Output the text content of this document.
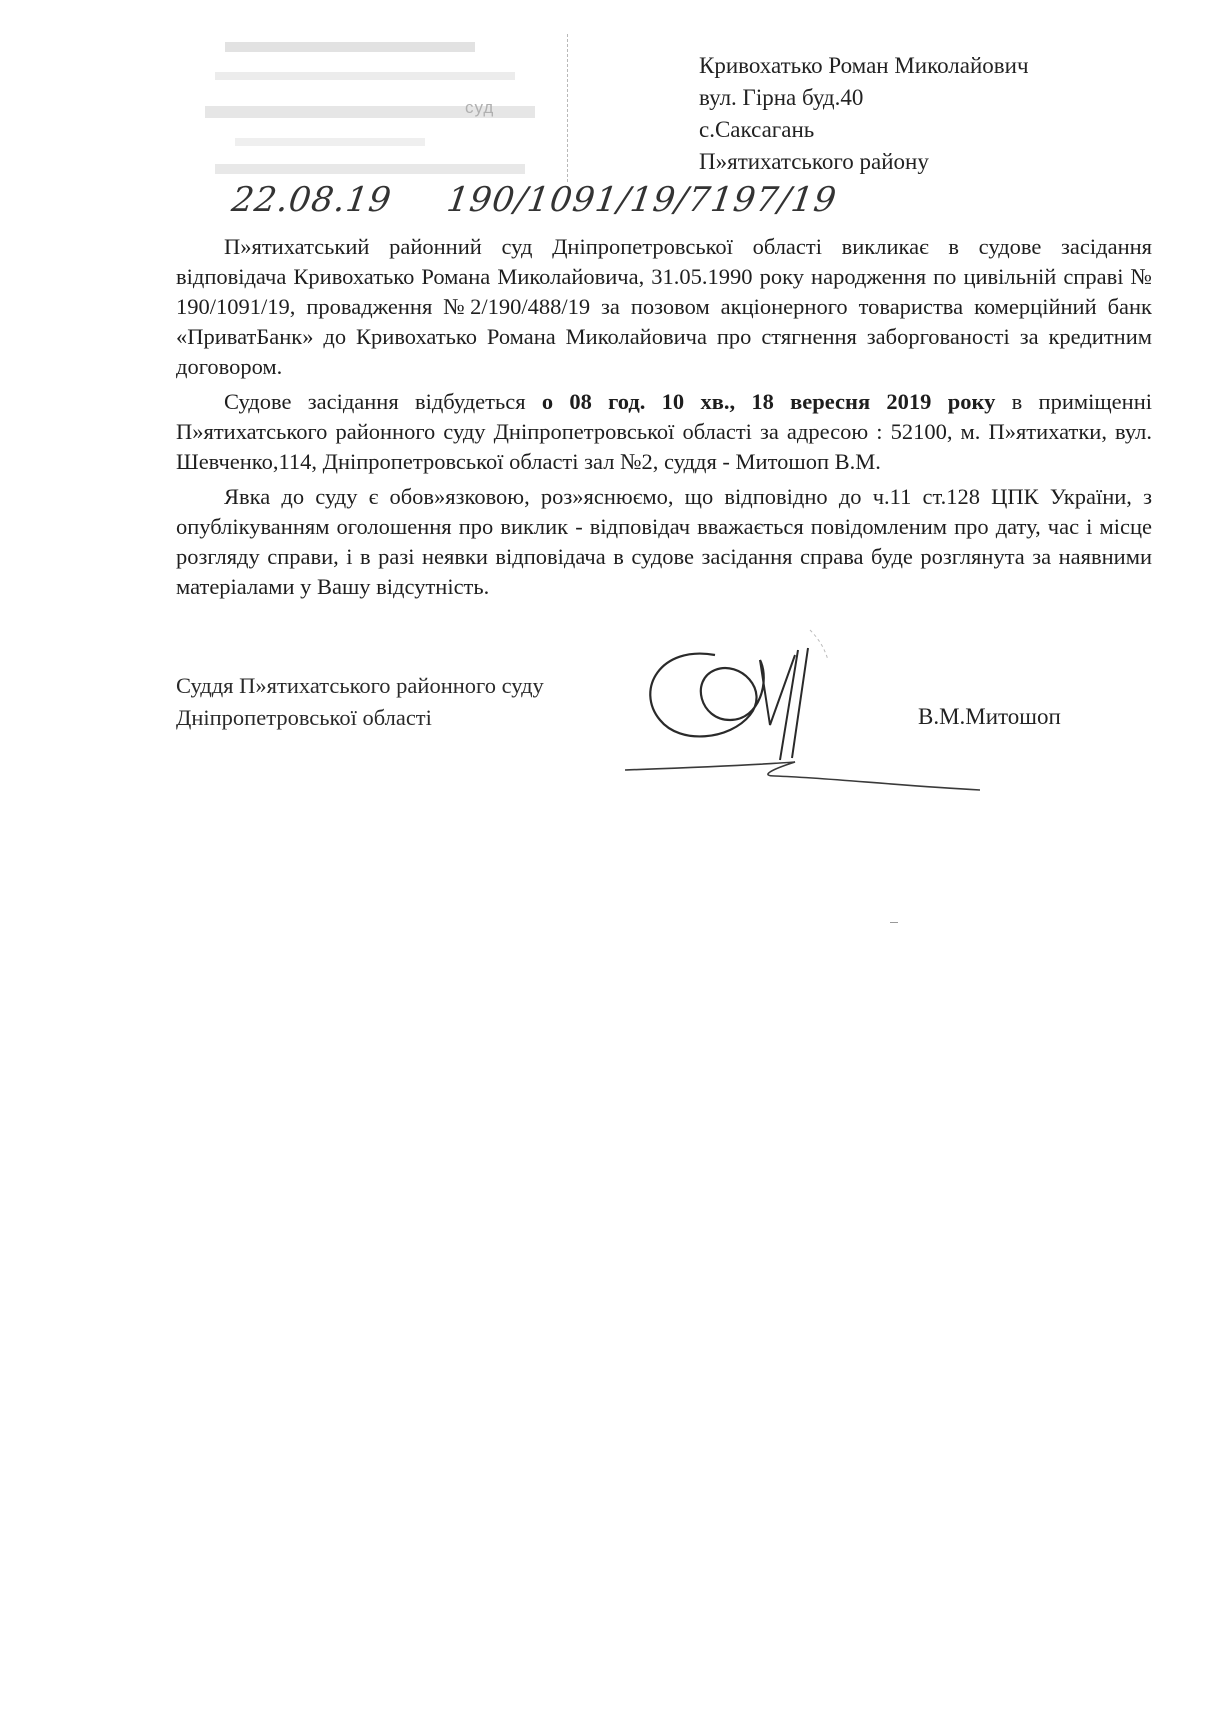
суд
22.08.19 190/1091/19/7197/19
Кривохатько Роман Миколайович
вул. Гірна буд.40
с.Саксагань
П»ятихатського району

П»ятихатський районний суд Дніпропетровської області викликає в судове засідання відповідача Кривохатько Романа Миколайовича, 31.05.1990 року народження по цивільній справі № 190/1091/19, провадження №2/190/488/19 за позовом акціонерного товариства комерційний банк «ПриватБанк» до Кривохатько Романа Миколайовича про стягнення заборгованості за кредитним договором.

Судове засідання відбудеться о 08 год. 10 хв., 18 вересня 2019 року в приміщенні П»ятихатського районного суду Дніпропетровської області за адресою : 52100, м. П»ятихатки, вул. Шевченко,114, Дніпропетровської області зал №2, суддя - Митошоп В.М.

Явка до суду є обов»язковою, роз»яснюємо, що відповідно до ч.11 ст.128 ЦПК України, з опублікуванням оголошення про виклик - відповідач вважається повідомленим про дату, час і місце розгляду справи, і в разі неявки відповідача в судове засідання справа буде розглянута за наявними матеріалами у Вашу відсутність.

Суддя П»ятихатського районного суду
Дніпропетровської області	В.М.Митошоп
